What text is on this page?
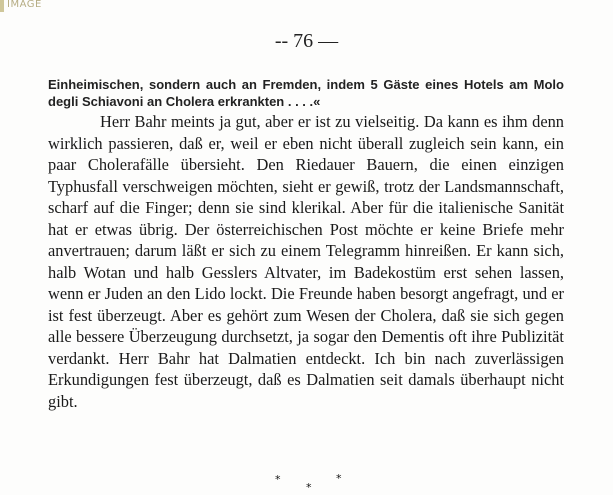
IMAGE
-- 76 —

Einheimischen, sondern auch an Fremden, indem 5 Gäste eines Hotels am Molo degli Schiavoni an Cholera erkrankten . . . .«

Herr Bahr meints ja gut, aber er ist zu vielseitig. Da kann es ihm denn wirklich passieren, daß er, weil er eben nicht überall zugleich sein kann, ein paar Cholerafälle übersieht. Den Riedauer Bauern, die einen einzigen Typhusfall verschweigen möchten, sieht er gewiß, trotz der Landsmannschaft, scharf auf die Finger; denn sie sind klerikal. Aber für die italienische Sanität hat er etwas übrig. Der österreichischen Post möchte er keine Briefe mehr anvertrauen; darum läßt er sich zu einem Telegramm hinreißen. Er kann sich, halb Wotan und halb Gesslers Altvater, im Badekostüm erst sehen lassen, wenn er Juden an den Lido lockt. Die Freunde haben besorgt angefragt, und er ist fest überzeugt. Aber es gehört zum Wesen der Cholera, daß sie sich gegen alle bessere Überzeugung durchsetzt, ja sogar den Dementis oft ihre Publizität verdankt. Herr Bahr hat Dalmatien entdeckt. Ich bin nach zuverlässigen Erkundigungen fest überzeugt, daß es Dalmatien seit damals überhaupt nicht gibt.

*
*
*
